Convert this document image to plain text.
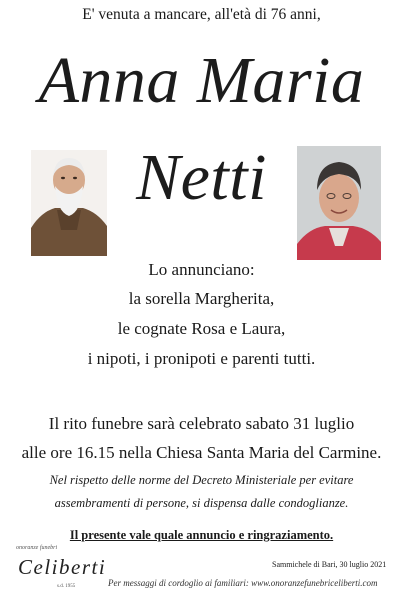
E' venuta a mancare, all'età di 76 anni,
Anna Maria
Netti
Lo annunciano:
la sorella Margherita,
le cognate Rosa e Laura,
i nipoti, i pronipoti e parenti tutti.
Il rito funebre sarà celebrato sabato 31 luglio
alle ore 16.15 nella Chiesa Santa Maria del Carmine.
Nel rispetto delle norme del Decreto Ministeriale per evitare
assembramenti di persone, si dispensa dalle condoglianze.
Il presente vale quale annuncio e ringraziamento.
Sammichele di Bari, 30 luglio 2021
onoranze funebri
Celiberti
s.d. 1955	Per messaggi di cordoglio ai familiari: www.onoranzefunebriceliberti.com
